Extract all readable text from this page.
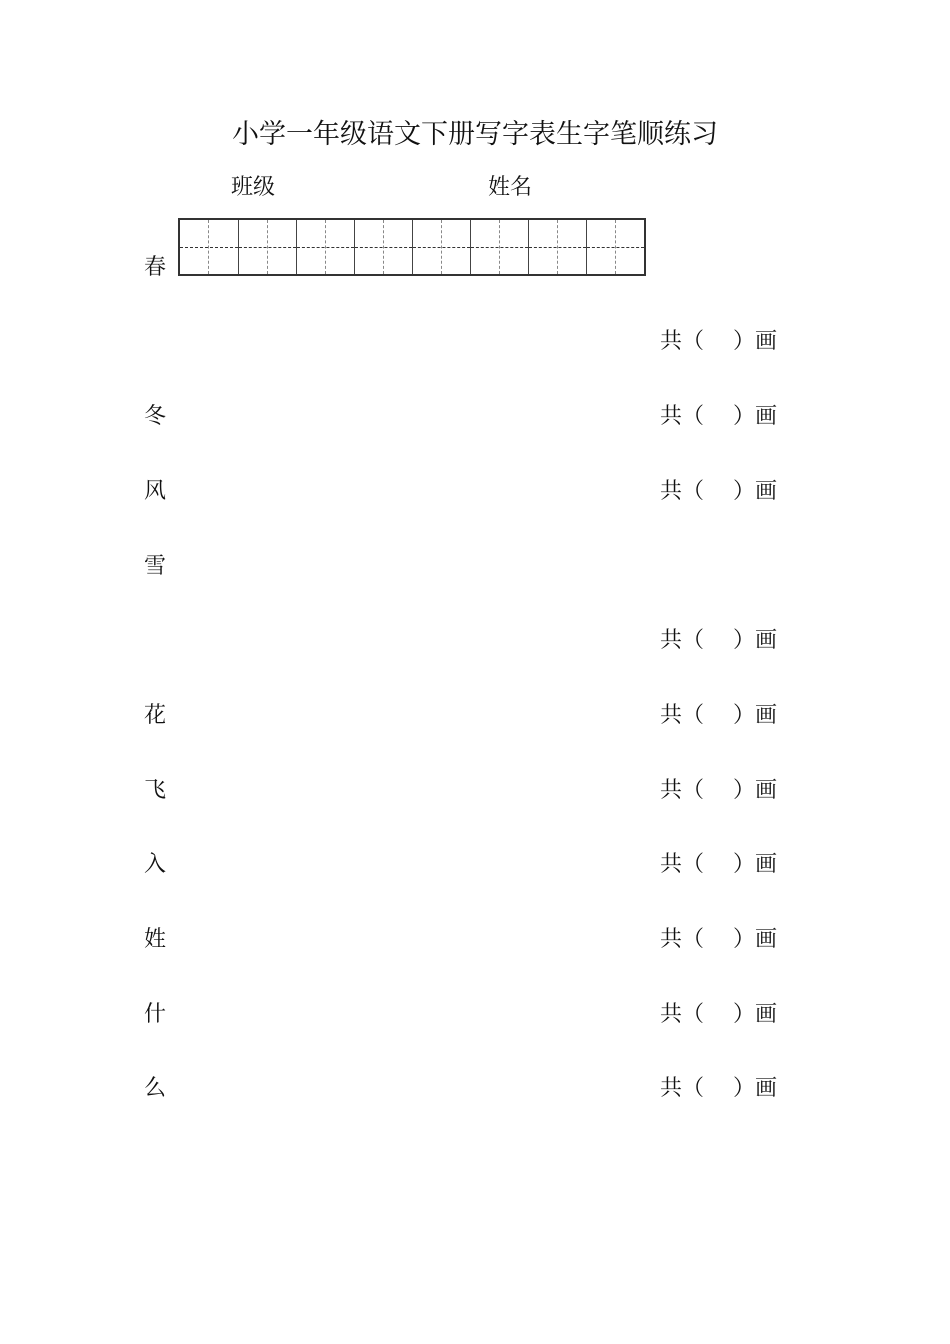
小学一年级语文下册写字表生字笔顺练习
班级	姓名
春
冬
风
雪
花
飞
入
姓
什
么
共（　 ）画
共（　 ）画
共（　 ）画
共（　 ）画
共（　 ）画
共（　 ）画
共（　 ）画
共（　 ）画
共（　 ）画
共（　 ）画
